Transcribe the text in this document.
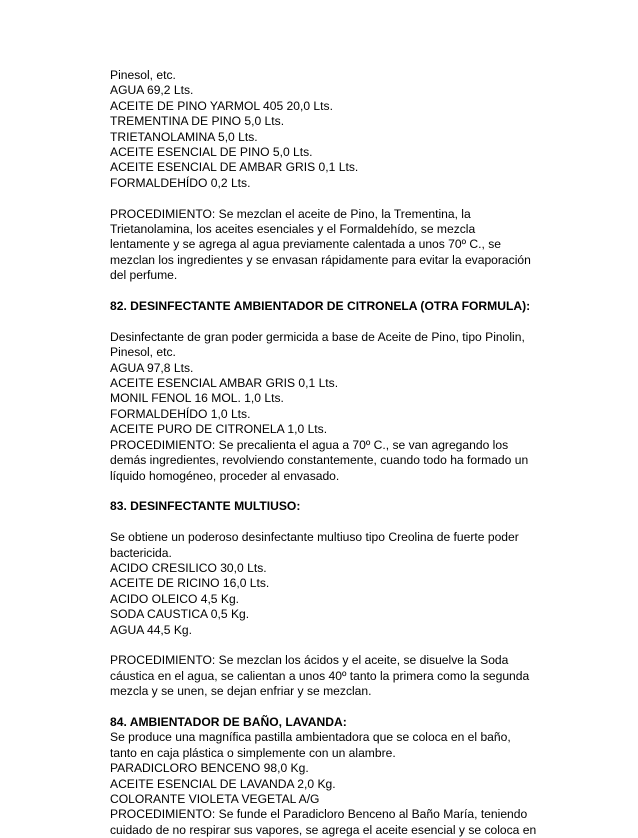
Pinesol, etc.
AGUA 69,2 Lts.
ACEITE DE PINO YARMOL 405 20,0 Lts.
TREMENTINA DE PINO 5,0 Lts.
TRIETANOLAMINA 5,0 Lts.
ACEITE ESENCIAL DE PINO 5,0 Lts.
ACEITE ESENCIAL DE AMBAR GRIS 0,1 Lts.
FORMALDEHÍDO 0,2 Lts.
PROCEDIMIENTO: Se mezclan el aceite de Pino, la Trementina, la
Trietanolamina, los aceites esenciales y el Formaldehído, se mezcla
lentamente y se agrega al agua previamente calentada a unos 70º C., se
mezclan los ingredientes y se envasan rápidamente para evitar la evaporación
del perfume.
82. DESINFECTANTE AMBIENTADOR DE CITRONELA (OTRA FORMULA):
Desinfectante de gran poder germicida a base de Aceite de Pino, tipo Pinolin,
Pinesol, etc.
AGUA 97,8 Lts.
ACEITE ESENCIAL AMBAR GRIS 0,1 Lts.
MONIL FENOL 16 MOL. 1,0 Lts.
FORMALDEHÍDO 1,0 Lts.
ACEITE PURO DE CITRONELA 1,0 Lts.
PROCEDIMIENTO: Se precalienta el agua a 70º C., se van agregando los
demás ingredientes, revolviendo constantemente, cuando todo ha formado un
líquido homogéneo, proceder al envasado.
83. DESINFECTANTE MULTIUSO:
Se obtiene un poderoso desinfectante multiuso tipo Creolina de fuerte poder
bactericida.
ACIDO CRESILICO 30,0 Lts.
ACEITE DE RICINO 16,0 Lts.
ACIDO OLEICO 4,5 Kg.
SODA CAUSTICA 0,5 Kg.
AGUA 44,5 Kg.
PROCEDIMIENTO: Se mezclan los ácidos y el aceite, se disuelve la Soda
cáustica en el agua, se calientan a unos 40º tanto la primera como la segunda
mezcla y se unen, se dejan enfriar y se mezclan.
84. AMBIENTADOR DE BAÑO, LAVANDA:
Se produce una magnífica pastilla ambientadora que se coloca en el baño,
tanto en caja plástica o simplemente con un alambre.
PARADICLORO BENCENO 98,0 Kg.
ACEITE ESENCIAL DE LAVANDA 2,0 Kg.
COLORANTE VIOLETA VEGETAL A/G
PROCEDIMIENTO: Se funde el Paradicloro Benceno al Baño María, teniendo
cuidado de no respirar sus vapores, se agrega el aceite esencial y se coloca en
